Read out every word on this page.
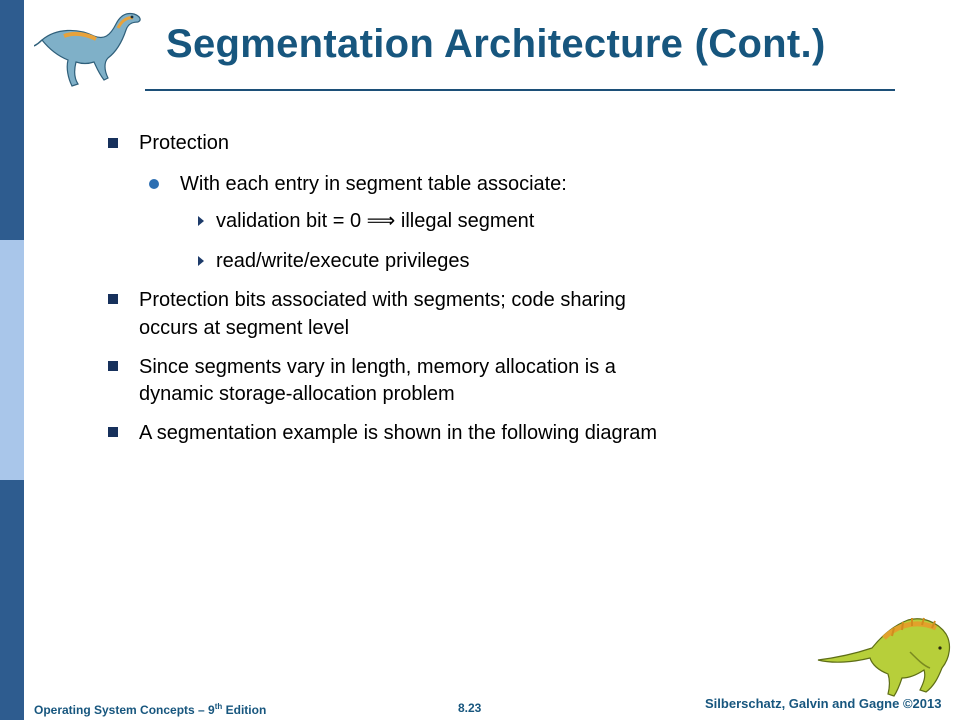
Segmentation Architecture (Cont.)
Protection
With each entry in segment table associate:
validation bit = 0 ⟹ illegal segment
read/write/execute privileges
Protection bits associated with segments; code sharing
occurs at segment level
Since segments vary in length, memory allocation is a
dynamic storage-allocation problem
A segmentation example is shown in the following diagram
Operating System Concepts – 9th Edition	8.23	Silberschatz, Galvin and Gagne ©2013
